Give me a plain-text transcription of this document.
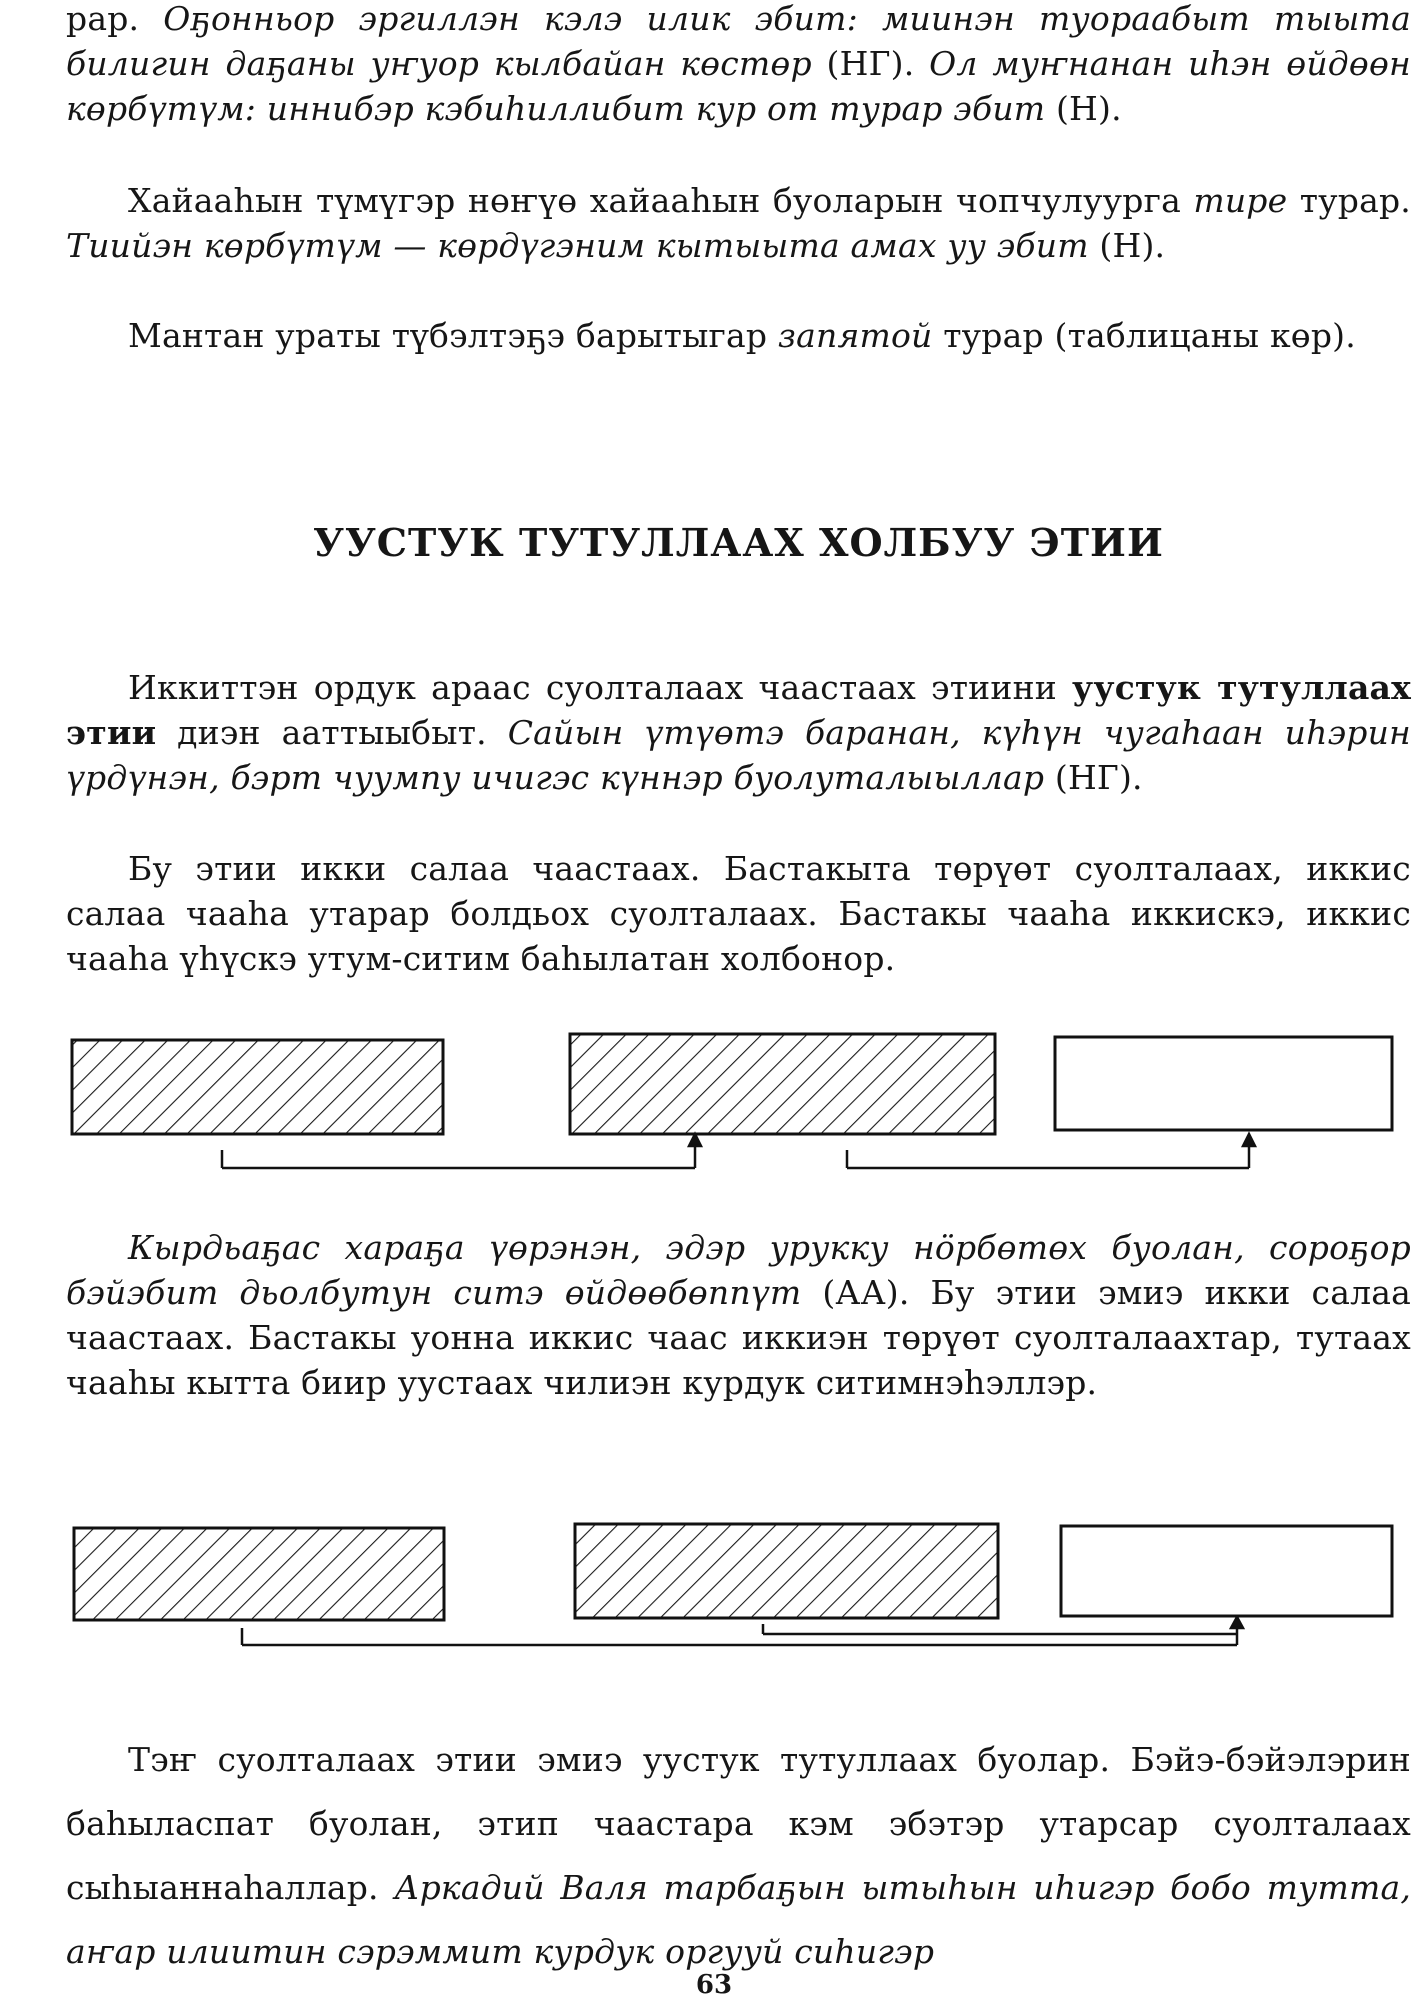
рар. Оҕонньор эргиллэн кэлэ илик эбит: миинэн туораабыт тыыта билигин даҕаны уҥуор кылбайан көстөр (НГ). Ол муҥнанан иһэн өйдөөн көрбүтүм: иннибэр кэбиһиллибит кур от турар эбит (Н).

Хайааһын түмүгэр нөҥүө хайааһын буоларын чопчулуурга тире турар. Тиийэн көрбүтүм — көрдүгэним кытыыта амах уу эбит (Н).

Мантан ураты түбэлтэҕэ барытыгар запятой турар (таблицаны көр).

УУСТУК ТУТУЛЛААХ ХОЛБУУ ЭТИИ

Иккиттэн ордук араас суолталаах чаастаах этиини уустук тутуллаах этии диэн ааттыыбыт. Сайын үтүөтэ баранан, күһүн чугаһаан иһэрин үрдүнэн, бэрт чуумпу ичигэс күннэр буолуталыыллар (НГ).

Бу этии икки салаа чаастаах. Бастакыта төрүөт суолталаах, иккис салаа чааһа утарар болдьох суолталаах. Бастакы чааһа иккискэ, иккис чааһа үһүскэ утум-ситим баһылатан холбонор.

Кырдьаҕас хараҕа үөрэнэн, эдэр урукку нӧрбөтөх буолан, сороҕор бэйэбит дьолбутун ситэ өйдөөбөппүт (АА). Бу этии эмиэ икки салаа чаастаах. Бастакы уонна иккис чаас иккиэн төрүөт суолталаахтар, тутаах чааһы кытта биир уустаах чилиэн курдук ситимнэһэллэр.

Тэҥ суолталаах этии эмиэ уустук тутуллаах буолар. Бэйэ-бэйэлэрин баһыласпат буолан, этип чаастара кэм эбэтэр утарсар суолталаах сыһыаннаһаллар. Аркадий Валя тарбаҕын ытыһын иһигэр бобо тутта, аҥар илиитин сэрэммит курдук оргууй сиһигэр

63
